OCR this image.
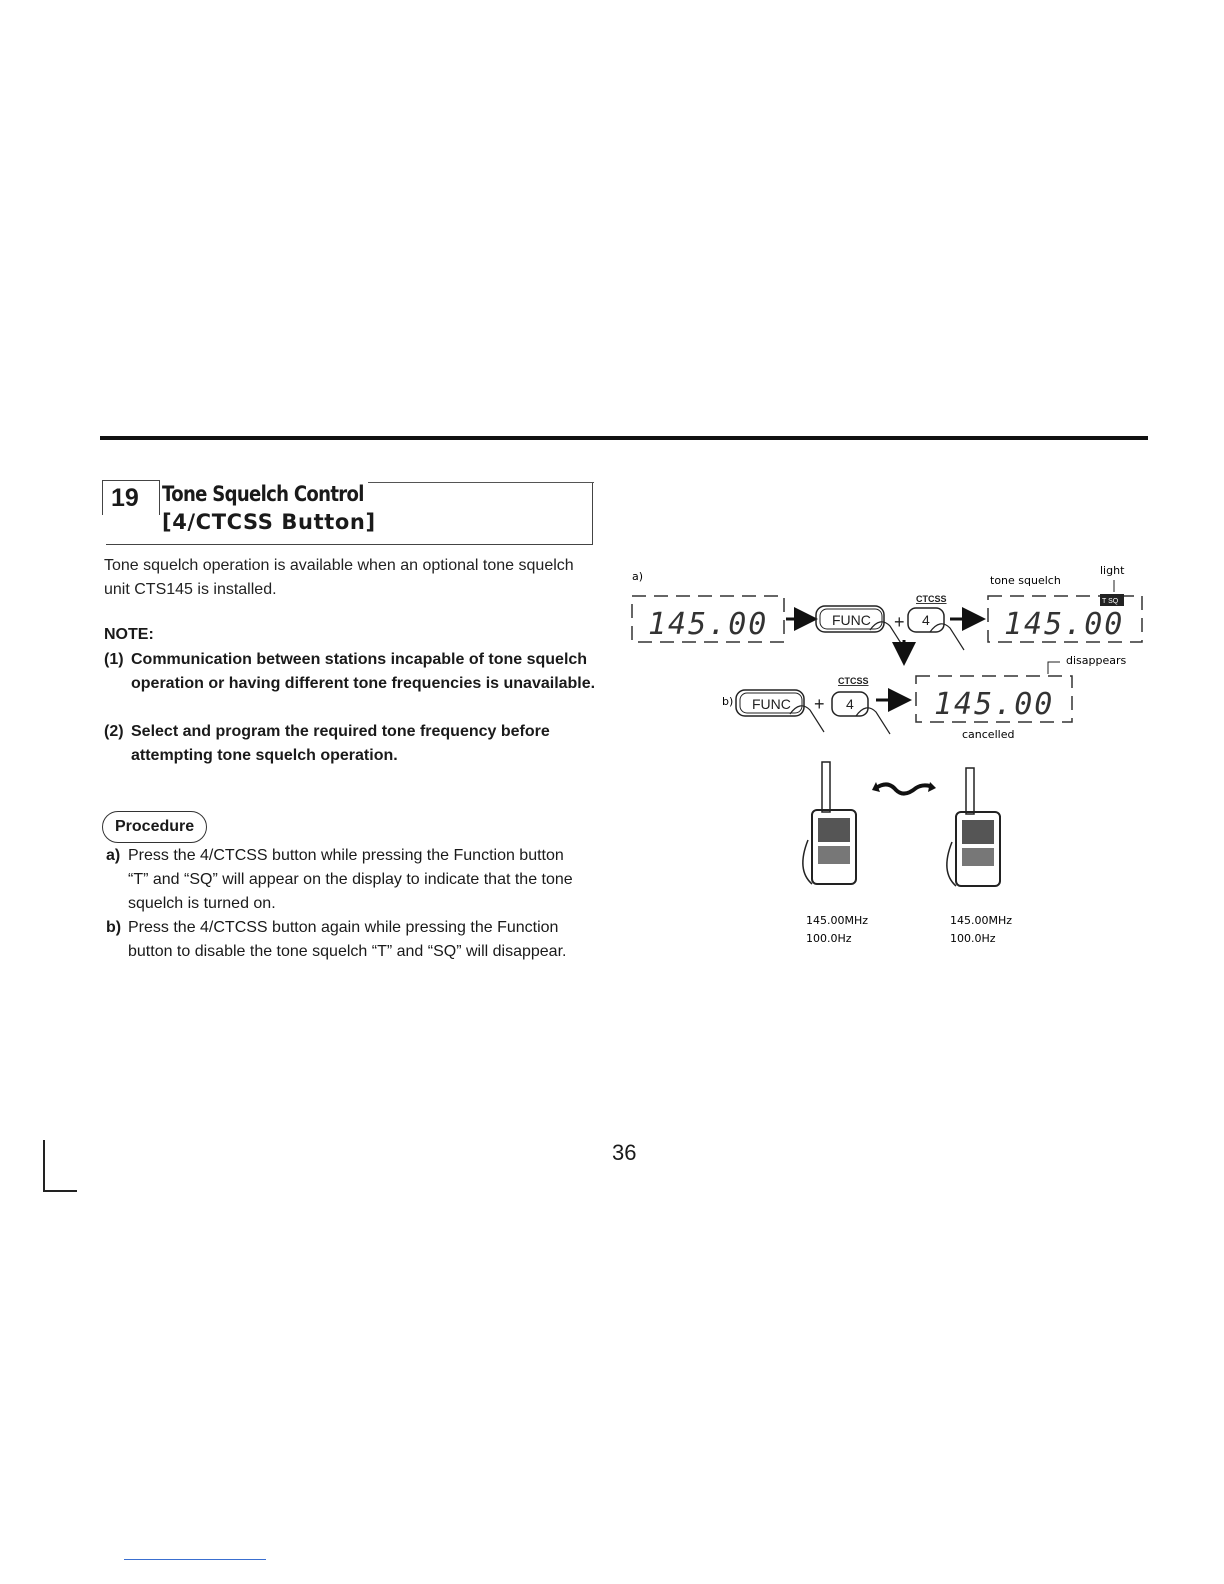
19 Tone Squelch Control
[4/CTCSS Button]
Tone squelch operation is available when an optional tone squelch unit CTS145 is installed.
NOTE:
(1) Communication between stations incapable of tone squelch operation or having different tone frequencies is unavailable.
(2) Select and program the required tone frequency before attempting tone squelch operation.
Procedure
a) Press the 4/CTCSS button while pressing the Function button “T” and “SQ” will appear on the display to indicate that the tone squelch is turned on.
b) Press the 4/CTCSS button again while pressing the Function button to disable the tone squelch “T” and “SQ” will disappear.
a)
145.00	FUNC +
CTCSS
4
tone squelch
light
T SQ
145.00
b) FUNC +
CTCSS
4
disappears
145.00
cancelled
145.00MHz
100.0Hz
145.00MHz
100.0Hz
36
